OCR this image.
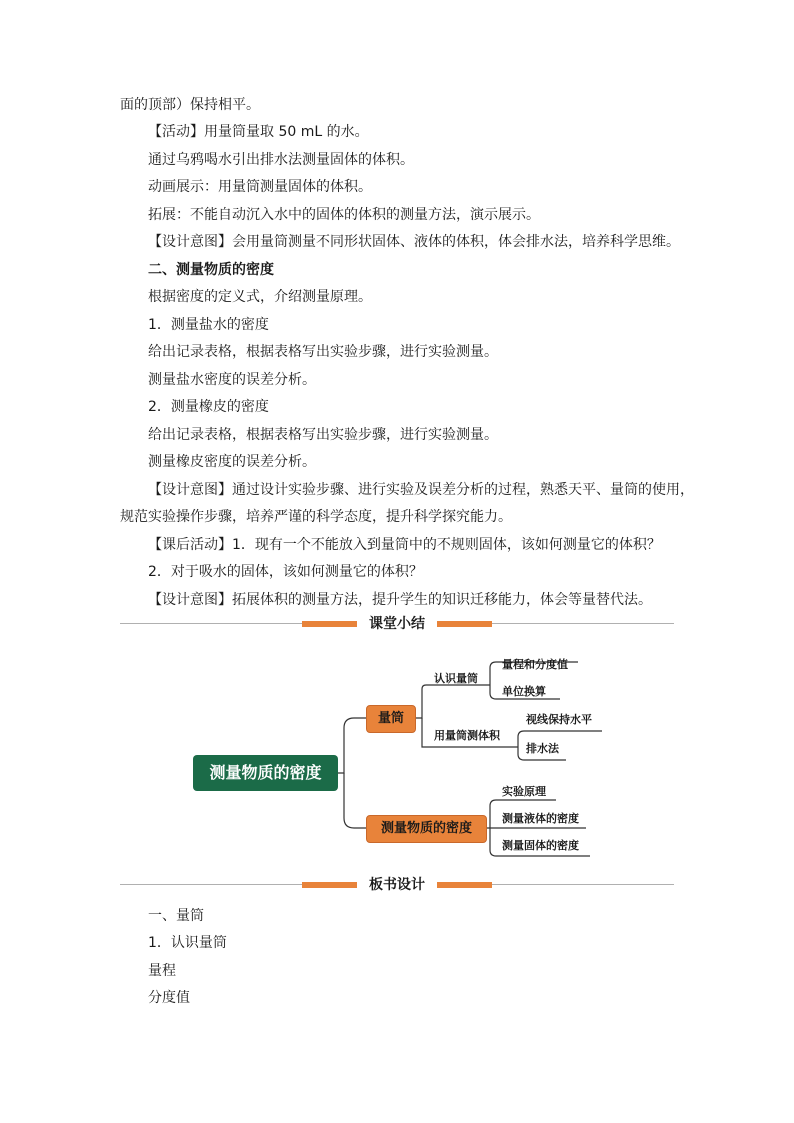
面的顶部）保持相平。
【活动】用量筒量取 50 mL 的水。
通过乌鸦喝水引出排水法测量固体的体积。
动画展示：用量筒测量固体的体积。
拓展：不能自动沉入水中的固体的体积的测量方法，演示展示。
【设计意图】会用量筒测量不同形状固体、液体的体积，体会排水法，培养科学思维。
二、测量物质的密度
根据密度的定义式，介绍测量原理。
1．测量盐水的密度
给出记录表格，根据表格写出实验步骤，进行实验测量。
测量盐水密度的误差分析。
2．测量橡皮的密度
给出记录表格，根据表格写出实验步骤，进行实验测量。
测量橡皮密度的误差分析。
【设计意图】通过设计实验步骤、进行实验及误差分析的过程，熟悉天平、量筒的使用，
规范实验操作步骤，培养严谨的科学态度，提升科学探究能力。
【课后活动】1．现有一个不能放入到量筒中的不规则固体，该如何测量它的体积？
2．对于吸水的固体，该如何测量它的体积？
【设计意图】拓展体积的测量方法，提升学生的知识迁移能力，体会等量替代法。
课堂小结
测量物质的密度
量筒
测量物质的密度
认识量筒
量程和分度值
单位换算
用量筒测体积
视线保持水平
排水法
实验原理
测量液体的密度
测量固体的密度
板书设计
一、量筒
1．认识量筒
量程
分度值
